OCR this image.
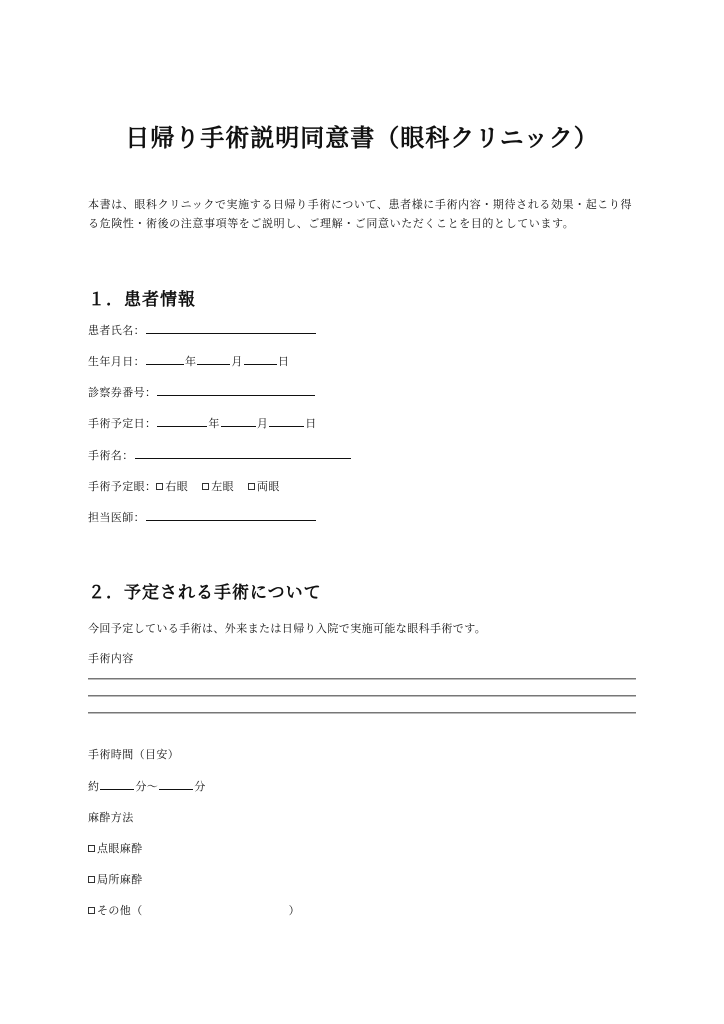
日帰り手術説明同意書（眼科クリニック）

本書は、眼科クリニックで実施する日帰り手術について、患者様に手術内容・期待される効果・起こり得る危険性・術後の注意事項等をご説明し、ご理解・ご同意いただくことを目的としています。

１．患者情報
患者氏名：
生年月日：	年	月	日
診察券番号：
手術予定日：	年	月	日
手術名：
手術予定眼： 右眼 左眼 両眼
担当医師：
２．予定される手術について
今回予定している手術は、外来または日帰り入院で実施可能な眼科手術です。
手術内容
手術時間（目安）
約	分～	分
麻酔方法
点眼麻酔
局所麻酔
その他（	）
